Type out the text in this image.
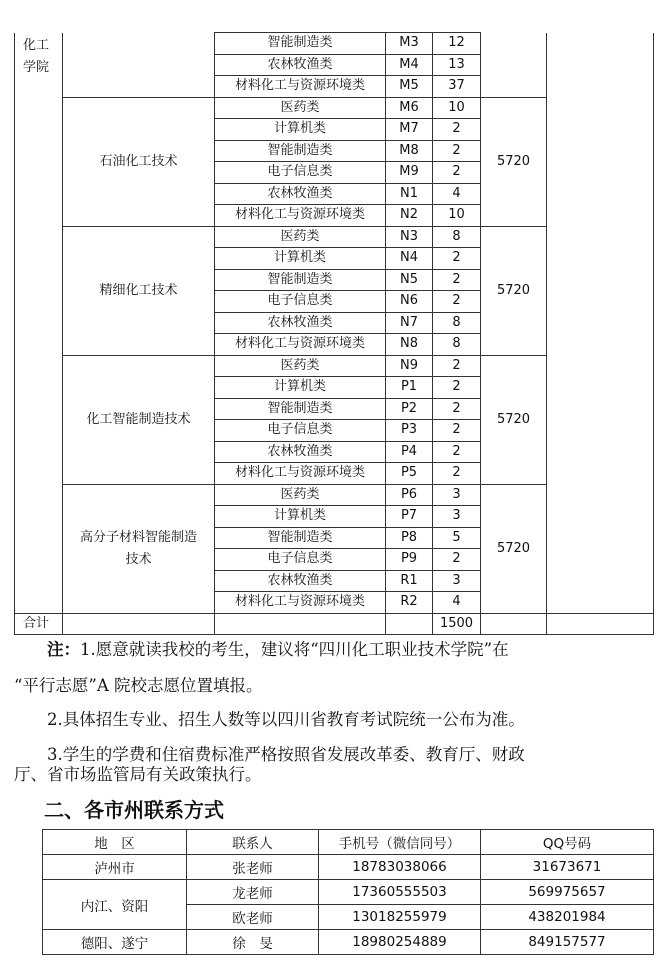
化工学院		智能制造类	M3	12		
		农林牧渔类	M4	13		
		材料化工与资源环境类	M5	37		
	石油化工技术	医药类	M6	10	5720	
		计算机类	M7	2		
		智能制造类	M8	2		
		电子信息类	M9	2		
		农林牧渔类	N1	4		
		材料化工与资源环境类	N2	10		
	精细化工技术	医药类	N3	8	5720	
		计算机类	N4	2		
		智能制造类	N5	2		
		电子信息类	N6	2		
		农林牧渔类	N7	8		
		材料化工与资源环境类	N8	8		
	化工智能制造技术	医药类	N9	2	5720	
		计算机类	P1	2		
		智能制造类	P2	2		
		电子信息类	P3	2		
		农林牧渔类	P4	2		
		材料化工与资源环境类	P5	2		
	高分子材料智能制造
技术	医药类	P6	3	5720	
		计算机类	P7	3		
		智能制造类	P8	5		
		电子信息类	P9	2		
		农林牧渔类	R1	3		
		材料化工与资源环境类	R2	4		
合计				1500		
注：1.愿意就读我校的考生，建议将“四川化工职业技术学院”在
“平行志愿”A 院校志愿位置填报。
2.具体招生专业、招生人数等以四川省教育考试院统一公布为准。
3.学生的学费和住宿费标准严格按照省发展改革委、教育厅、财政
厅、省市场监管局有关政策执行。
二、各市州联系方式
地　区	联系人	手机号（微信同号）	QQ号码
泸州市	张老师	18783038066	31673671
内江、资阳	龙老师	17360555503	569975657
	欧老师	13018255979	438201984
德阳、遂宁	徐　旻	18980254889	849157577
